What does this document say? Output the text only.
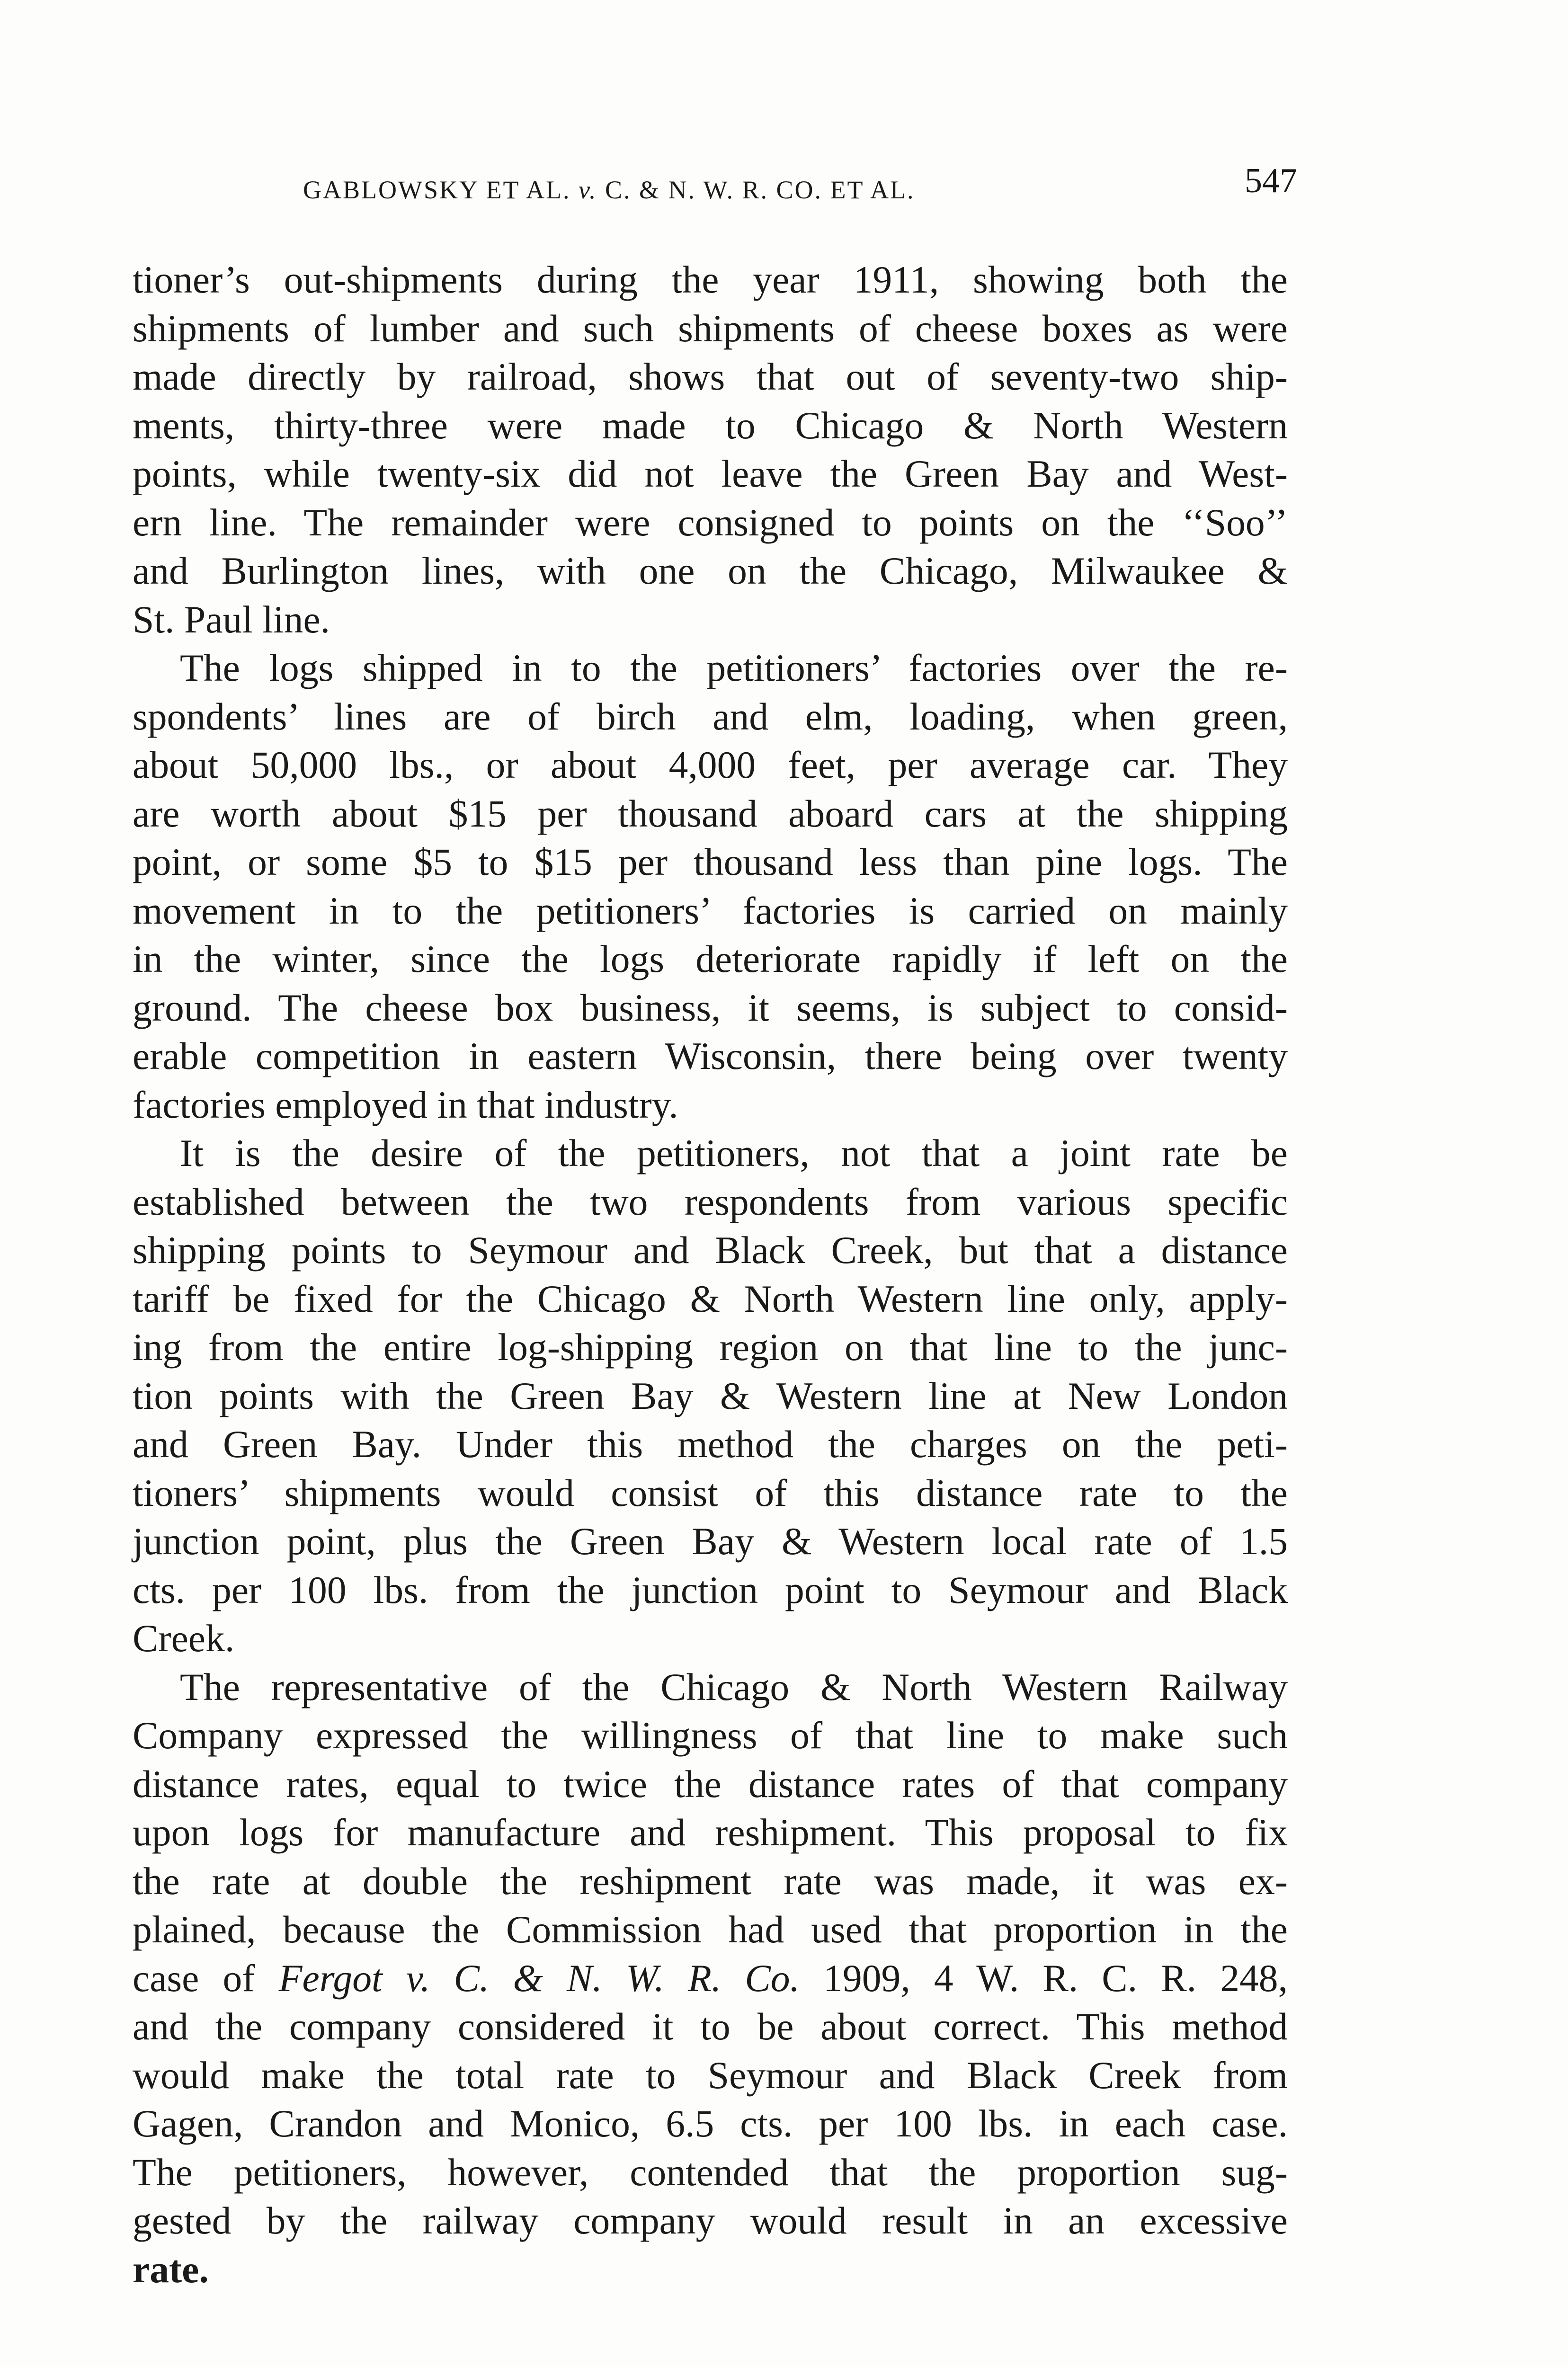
GABLOWSKY ET AL. v. C. & N. W. R. CO. ET AL.	547

tioner’s out-shipments during the year 1911, showing both the
shipments of lumber and such shipments of cheese boxes as were
made directly by railroad, shows that out of seventy-two ship-
ments, thirty-three were made to Chicago & North Western
points, while twenty-six did not leave the Green Bay and West-
ern line. The remainder were consigned to points on the ‘‘Soo’’
and Burlington lines, with one on the Chicago, Milwaukee &
St. Paul line.

The logs shipped in to the petitioners’ factories over the re-
spondents’ lines are of birch and elm, loading, when green,
about 50,000 lbs., or about 4,000 feet, per average car. They
are worth about $15 per thousand aboard cars at the shipping
point, or some $5 to $15 per thousand less than pine logs. The
movement in to the petitioners’ factories is carried on mainly
in the winter, since the logs deteriorate rapidly if left on the
ground. The cheese box business, it seems, is subject to consid-
erable competition in eastern Wisconsin, there being over twenty
factories employed in that industry.

It is the desire of the petitioners, not that a joint rate be
established between the two respondents from various specific
shipping points to Seymour and Black Creek, but that a distance
tariff be fixed for the Chicago & North Western line only, apply-
ing from the entire log-shipping region on that line to the junc-
tion points with the Green Bay & Western line at New London
and Green Bay. Under this method the charges on the peti-
tioners’ shipments would consist of this distance rate to the
junction point, plus the Green Bay & Western local rate of 1.5
cts. per 100 lbs. from the junction point to Seymour and Black
Creek.

The representative of the Chicago & North Western Railway
Company expressed the willingness of that line to make such
distance rates, equal to twice the distance rates of that company
upon logs for manufacture and reshipment. This proposal to fix
the rate at double the reshipment rate was made, it was ex-
plained, because the Commission had used that proportion in the
case of Fergot v. C. & N. W. R. Co. 1909, 4 W. R. C. R. 248,
and the company considered it to be about correct. This method
would make the total rate to Seymour and Black Creek from
Gagen, Crandon and Monico, 6.5 cts. per 100 lbs. in each case.
The petitioners, however, contended that the proportion sug-
gested by the railway company would result in an excessive
rate.
